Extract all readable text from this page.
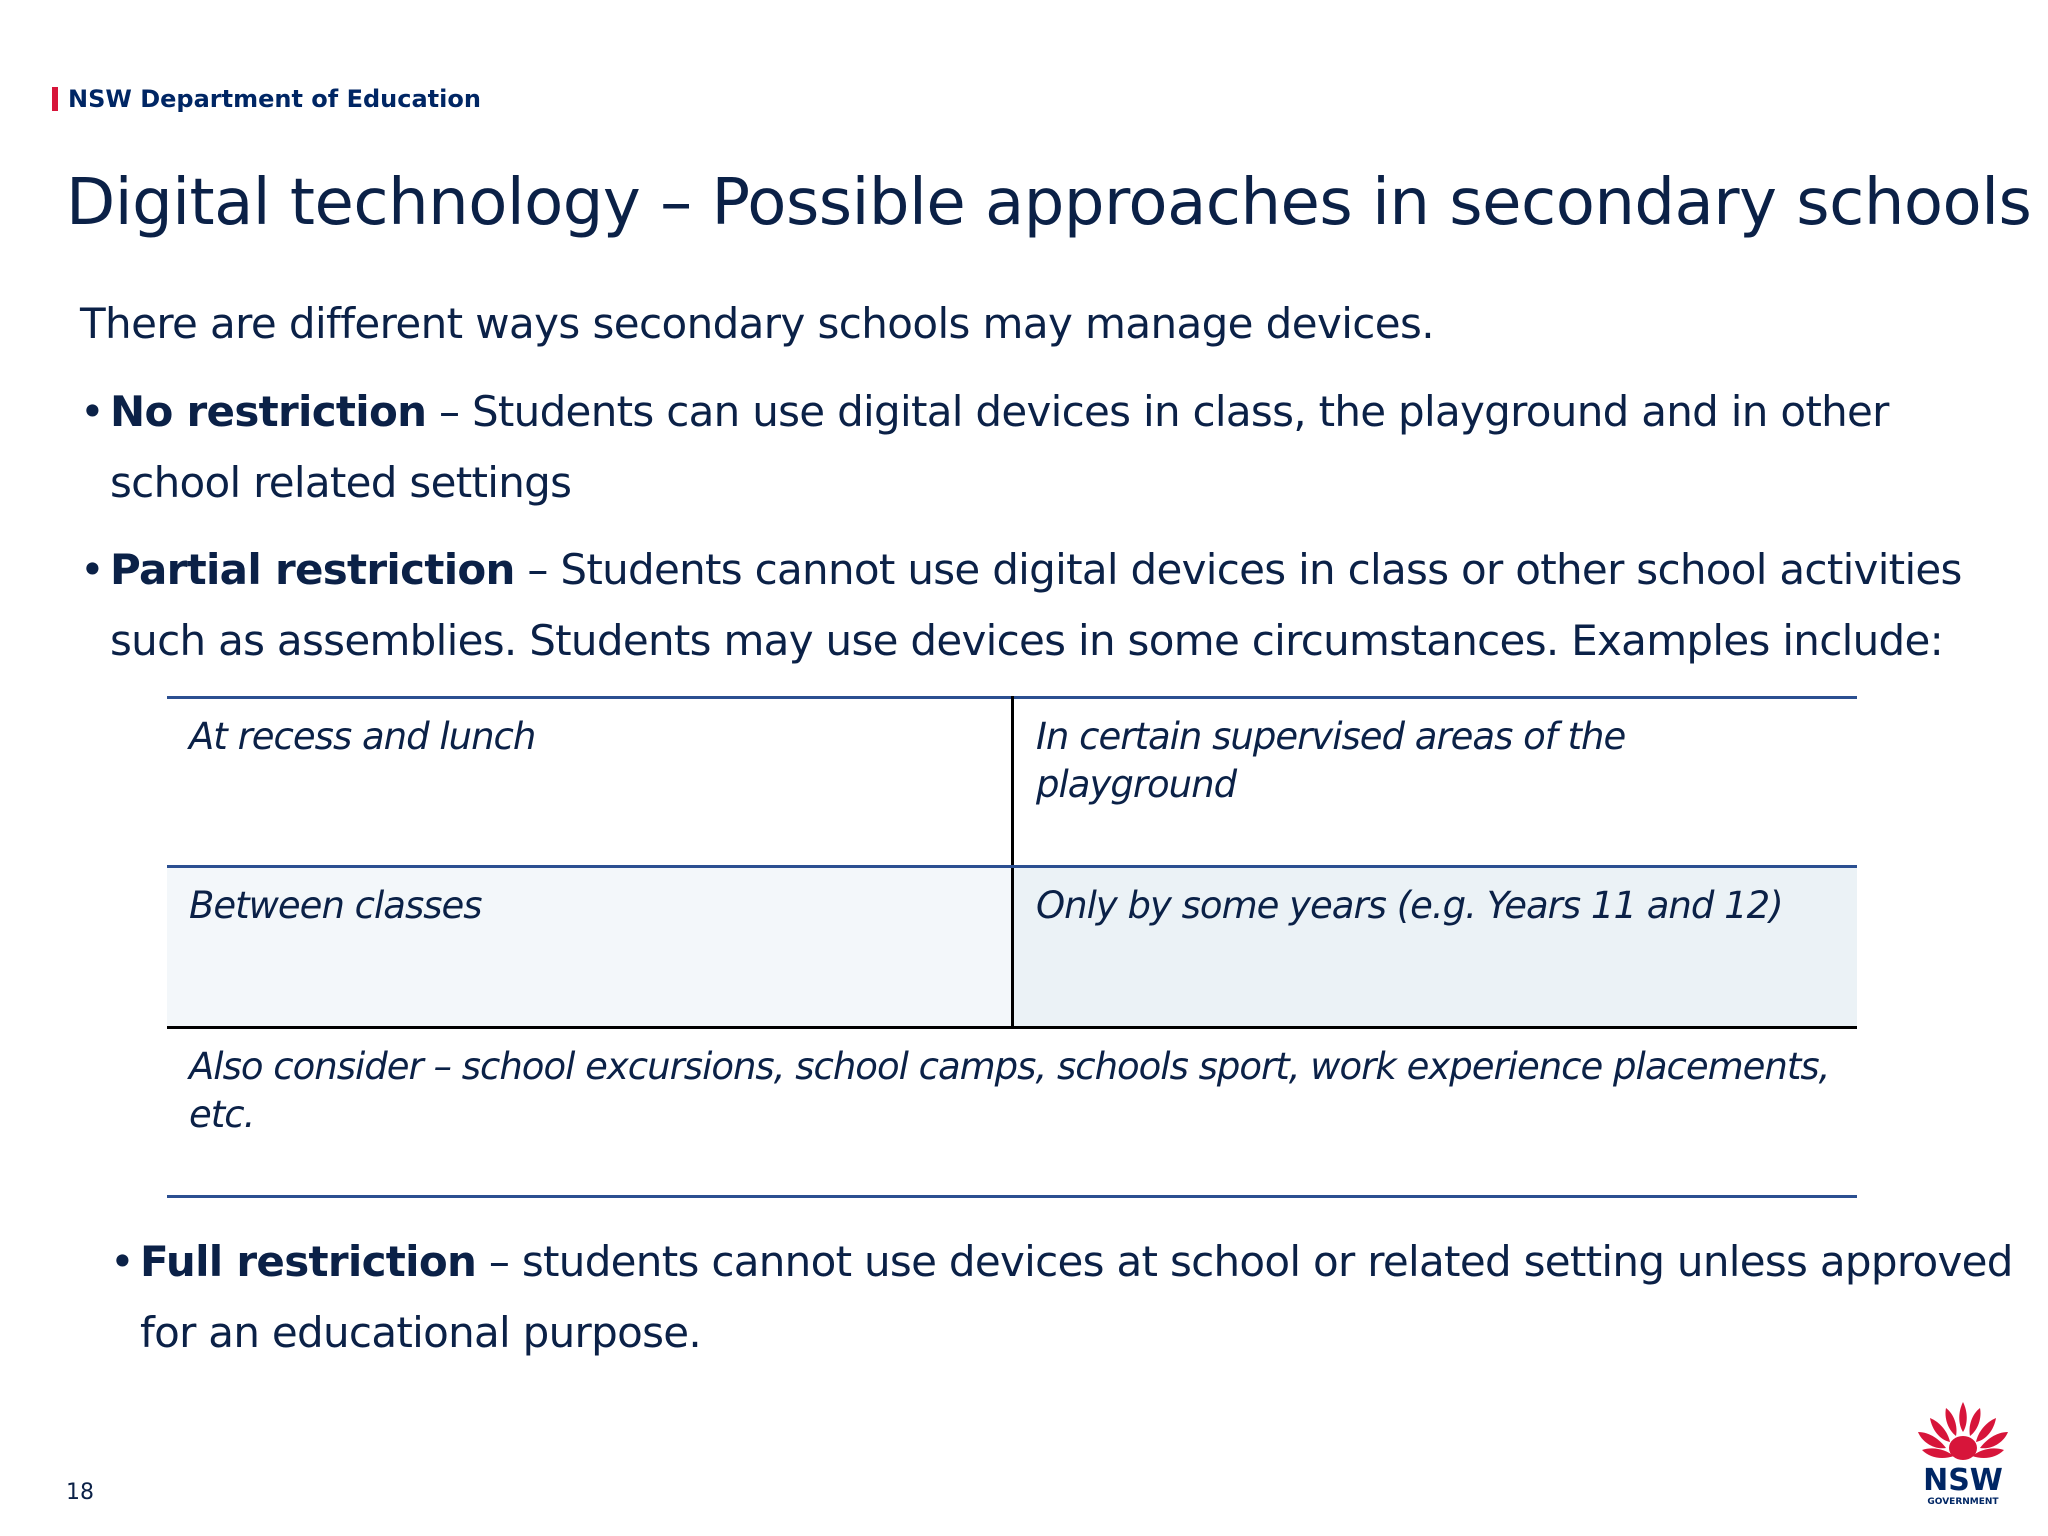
NSW Department of Education
Digital technology – Possible approaches in secondary schools

There are different ways secondary schools may manage devices.

• No restriction – Students can use digital devices in class, the playground and in other school related settings

• Partial restriction – Students cannot use digital devices in class or other school activities such as assemblies. Students may use devices in some circumstances. Examples include:

At recess and lunch	In certain supervised areas of the playground
Between classes	Only by some years (e.g. Years 11 and 12)
Also consider – school excursions, school camps, schools sport, work experience placements, etc.	

• Full restriction – students cannot use devices at school or related setting unless approved for an educational purpose.

18	NSW
GOVERNMENT
